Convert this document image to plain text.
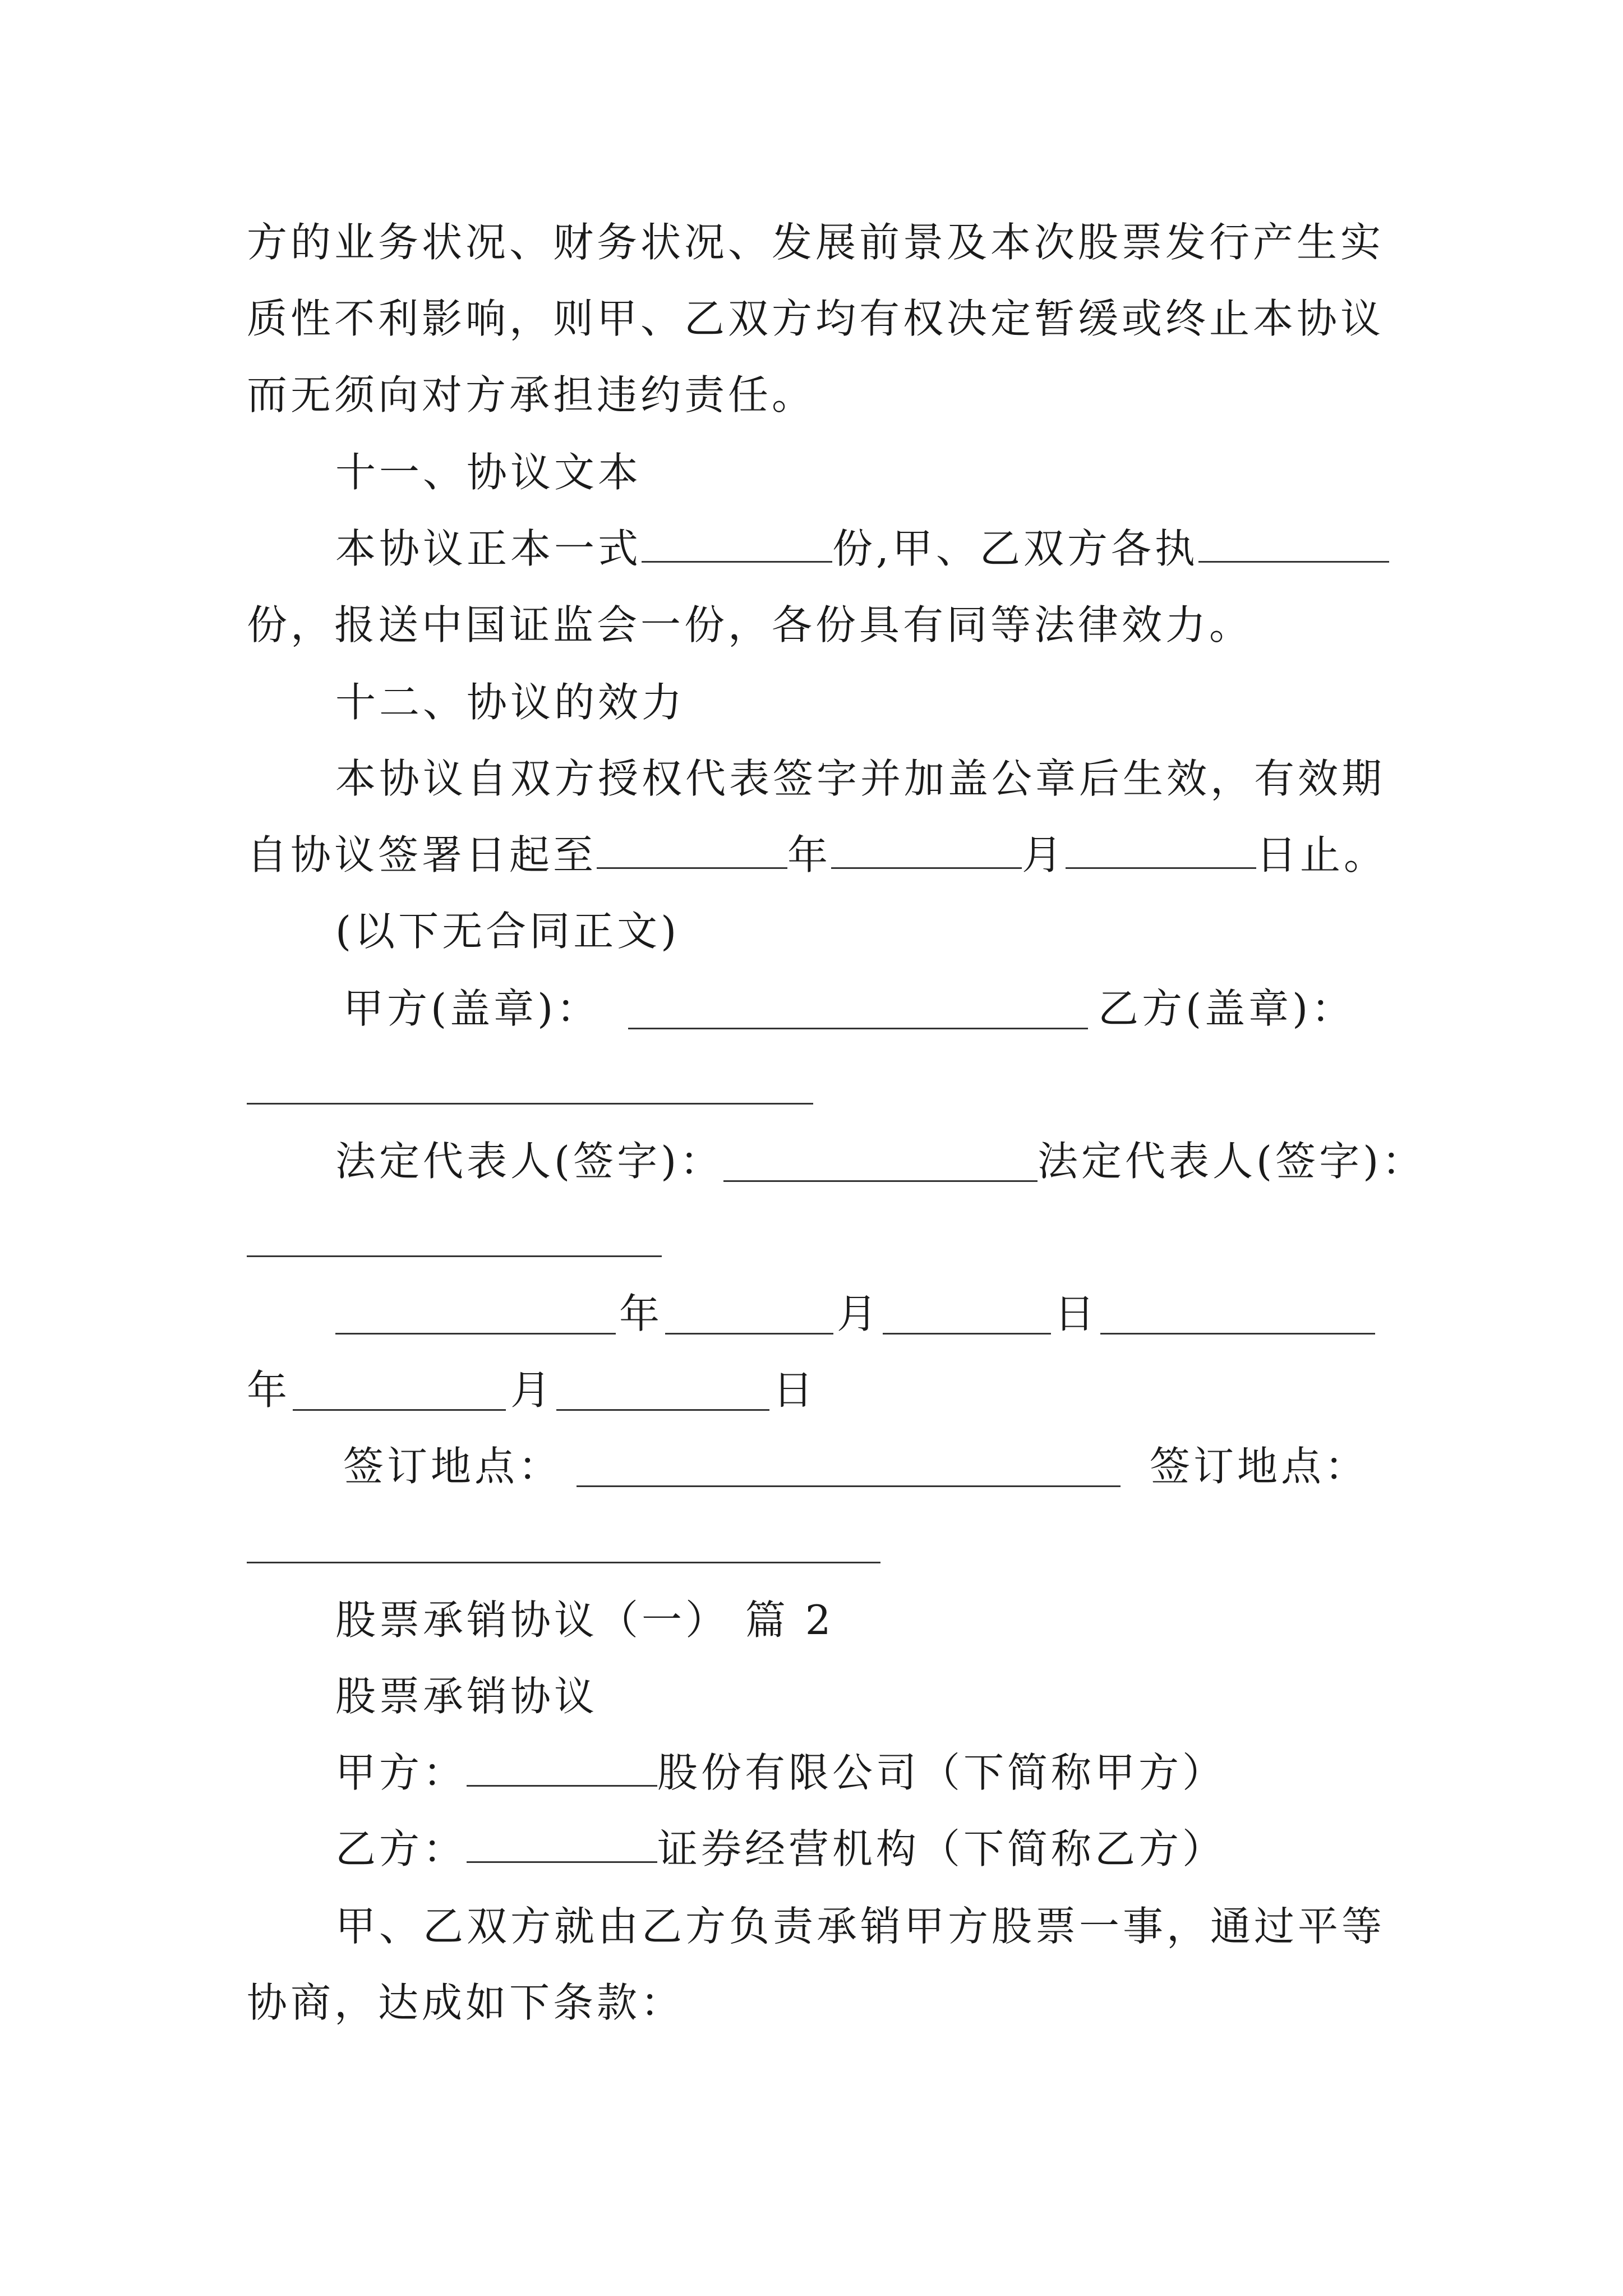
方的业务状况、财务状况、发展前景及本次股票发行产生实
质性不利影响，则甲、乙双方均有权决定暂缓或终止本协议
而无须向对方承担违约责任。
十一、协议文本
本协议正本一式	份,甲、乙双方各执
份，报送中国证监会一份，各份具有同等法律效力。
十二、协议的效力
本协议自双方授权代表签字并加盖公章后生效，有效期
自协议签署日起至	年	月	日止。
(以下无合同正文)
甲方(盖章)：	乙方(盖章)：
法定代表人(签字)：	法定代表人(签字)：
年	月	日
年	月	日
签订地点：	签订地点：
股票承销协议（一） 篇 2
股票承销协议
甲方：	股份有限公司（下简称甲方）
乙方：	证券经营机构（下简称乙方）
甲、乙双方就由乙方负责承销甲方股票一事，通过平等
协商，达成如下条款：
